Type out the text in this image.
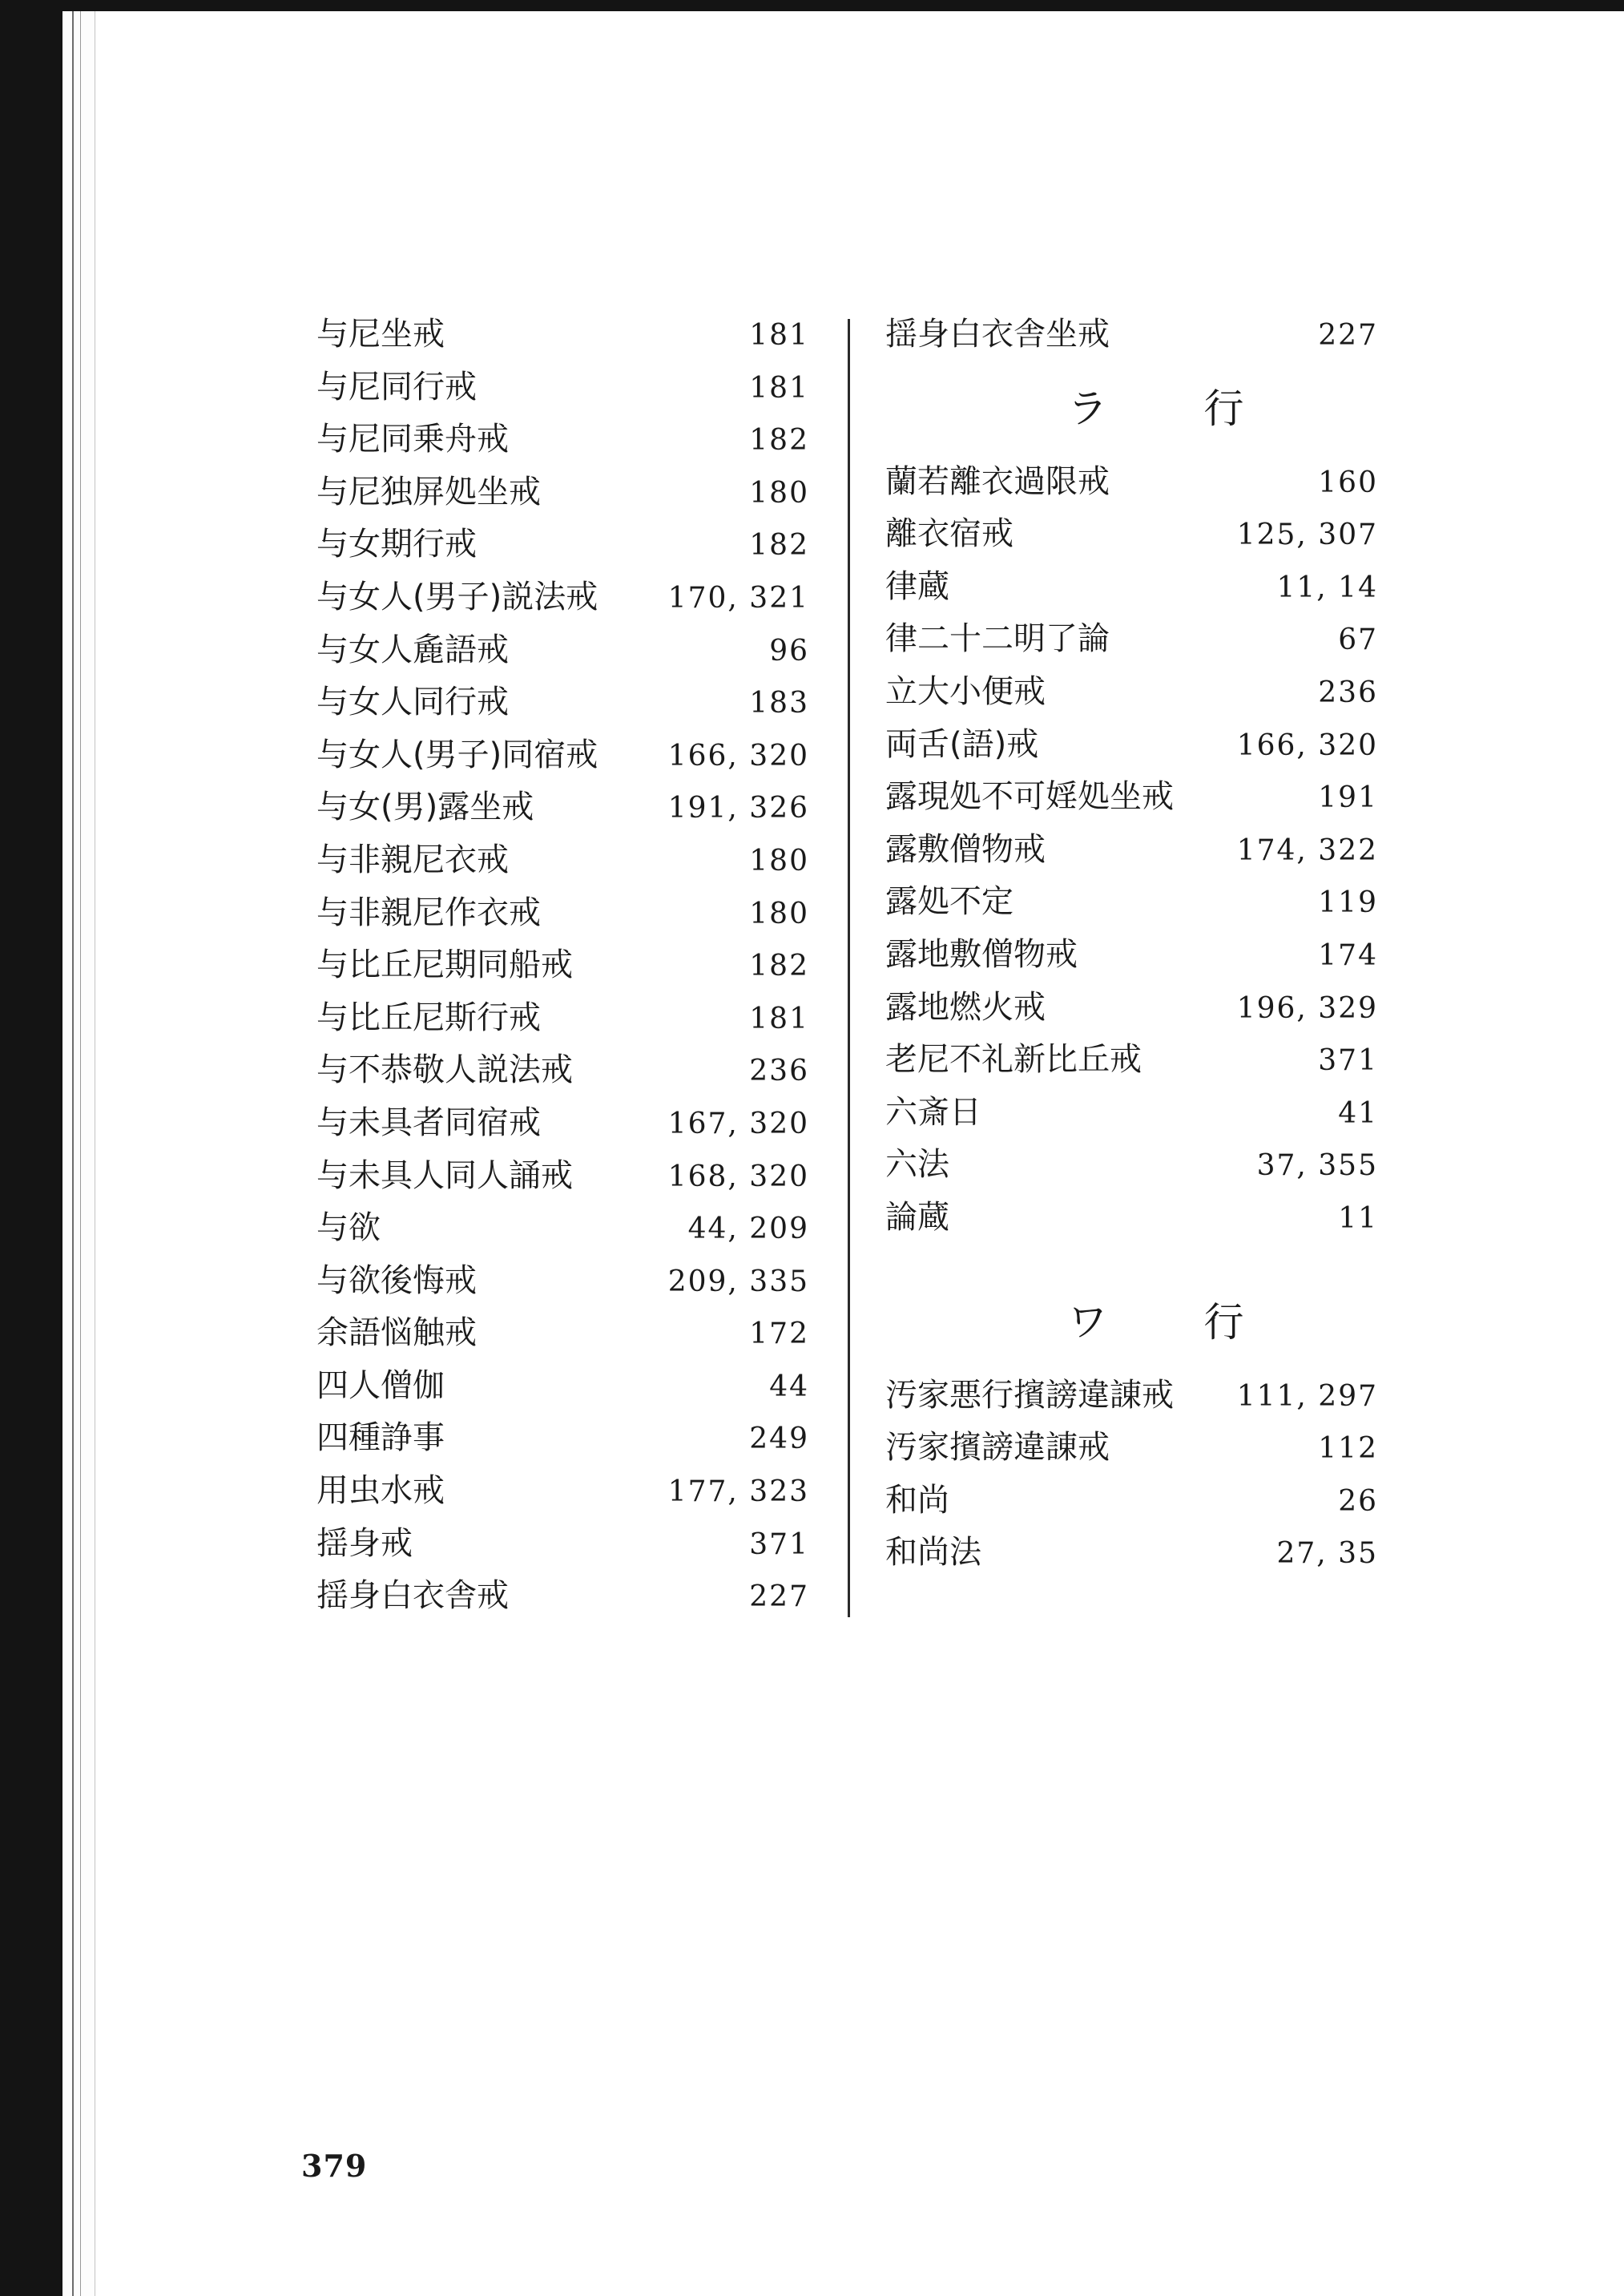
与尼坐戒	181
与尼同行戒	181
与尼同乗舟戒	182
与尼独屏処坐戒	180
与女期行戒	182
与女人(男子)説法戒 170, 321
与女人麁語戒	96
与女人同行戒	183
与女人(男子)同宿戒 166, 320
与女(男)露坐戒	191, 326
与非親尼衣戒	180
与非親尼作衣戒	180
与比丘尼期同船戒	182
与比丘尼斯行戒	181
与不恭敬人説法戒	236
与未具者同宿戒	167, 320
与未具人同人誦戒	168, 320
与欲	44, 209
与欲後悔戒	209, 335
余語悩触戒	172
四人僧伽	44
四種諍事	249
用虫水戒	177, 323
揺身戒	371
揺身白衣舎戒	227
揺身白衣舎坐戒	227
ラ 行
蘭若離衣過限戒	160
離衣宿戒	125, 307
律蔵	11, 14
律二十二明了論	67
立大小便戒	236
両舌(語)戒	166, 320
露現処不可婬処坐戒	191
露敷僧物戒	174, 322
露処不定	119
露地敷僧物戒	174
露地燃火戒	196, 329
老尼不礼新比丘戒	371
六斎日	41
六法	37, 355
論蔵	11
ワ 行
汚家悪行擯謗違諌戒 111, 297
汚家擯謗違諌戒	112
和尚	26
和尚法	27, 35
379
